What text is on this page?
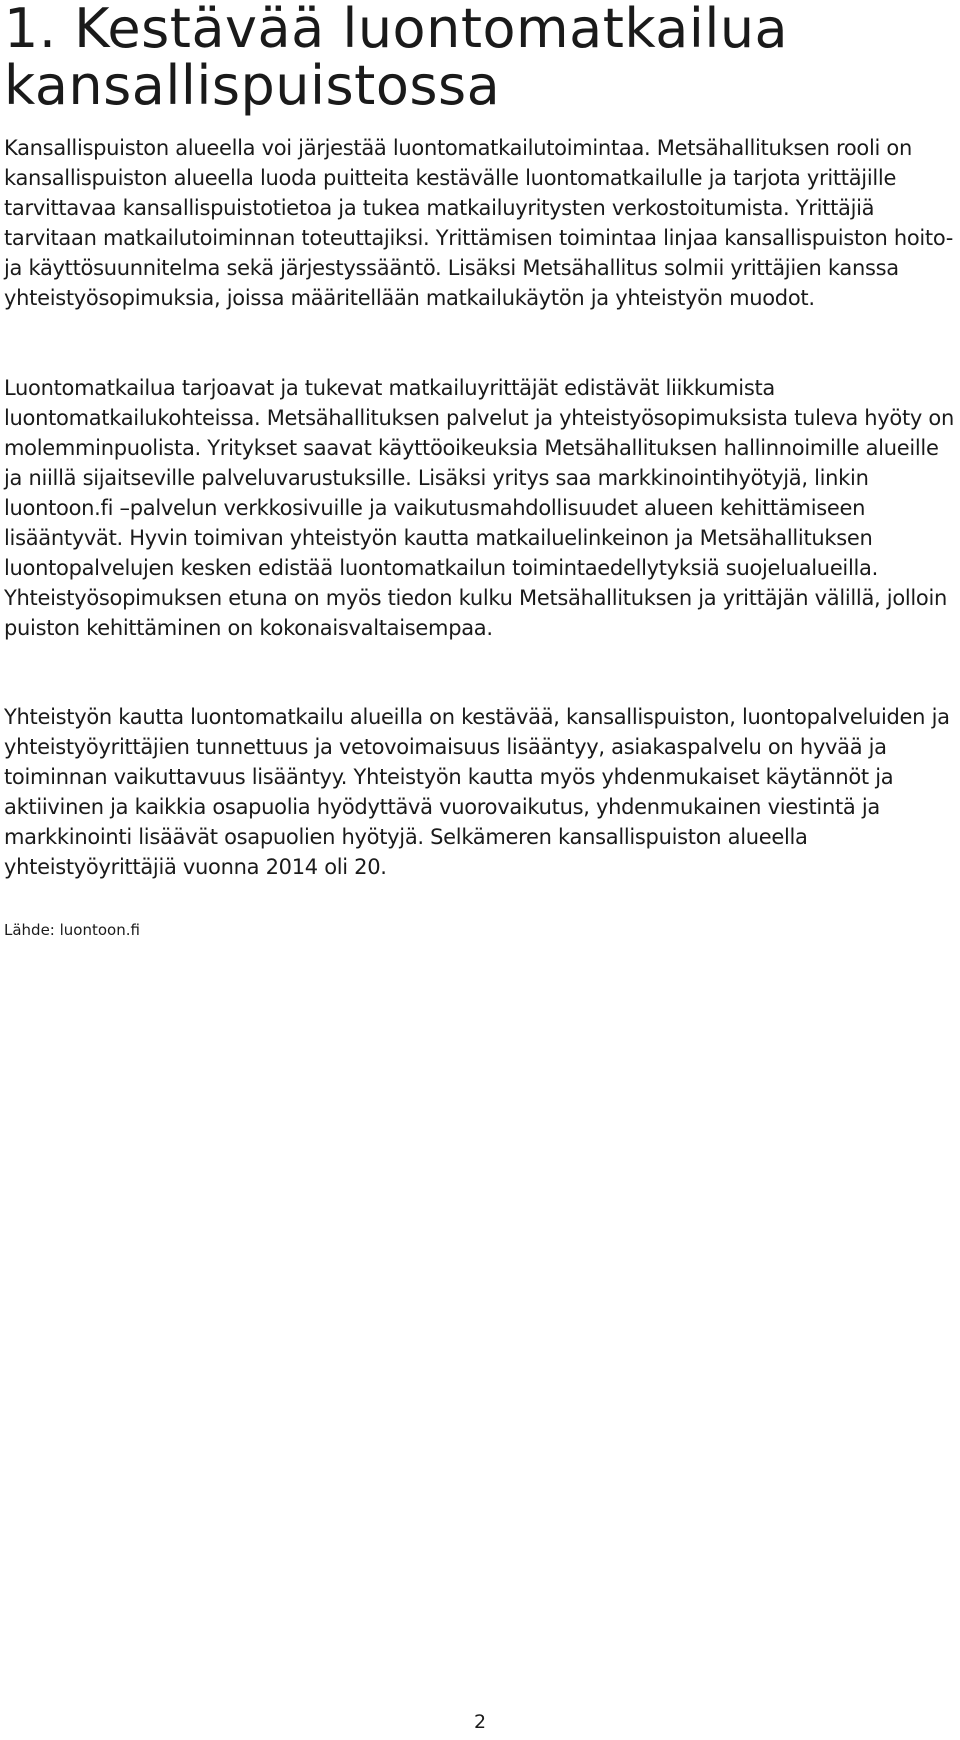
1. Kestävää luontomatkailua
kansallispuistossa

Kansallispuiston alueella voi järjestää luontomatkailutoimintaa. Metsähallituksen rooli on kansallispuiston alueella luoda puitteita kestävälle luontomatkailulle ja tarjota yrittäjille tarvittavaa kansallispuistotietoa ja tukea matkailuyritysten verkostoitumista. Yrittäjiä tarvitaan matkailutoiminnan toteuttajiksi. Yrittämisen toimintaa linjaa kansallispuiston hoito- ja käyttösuunnitelma sekä järjestyssääntö. Lisäksi Metsähallitus solmii yrittäjien kanssa yhteistyösopimuksia, joissa määritellään matkailukäytön ja yhteistyön muodot.

Luontomatkailua tarjoavat ja tukevat matkailuyrittäjät edistävät liikkumista luontomatkailukohteissa. Metsähallituksen palvelut ja yhteistyösopimuksista tuleva hyöty on molemminpuolista. Yritykset saavat käyttöoikeuksia Metsähallituksen hallinnoimille alueille ja niillä sijaitseville palveluvarustuksille. Lisäksi yritys saa markkinointihyötyjä, linkin luontoon.fi –palvelun verkkosivuille ja vaikutusmahdollisuudet alueen kehittämiseen lisääntyvät. Hyvin toimivan yhteistyön kautta matkailuelinkeinon ja Metsähallituksen luontopalvelujen kesken edistää luontomatkailun toimintaedellytyksiä suojelualueilla. Yhteistyösopimuksen etuna on myös tiedon kulku Metsähallituksen ja yrittäjän välillä, jolloin puiston kehittäminen on kokonaisvaltaisempaa.

Yhteistyön kautta luontomatkailu alueilla on kestävää, kansallispuiston, luontopalveluiden ja yhteistyöyrittäjien tunnettuus ja vetovoimaisuus lisääntyy, asiakaspalvelu on hyvää ja toiminnan vaikuttavuus lisääntyy. Yhteistyön kautta myös yhdenmukaiset käytännöt ja aktiivinen ja kaikkia osapuolia hyödyttävä vuorovaikutus, yhdenmukainen viestintä ja markkinointi lisäävät osapuolien hyötyjä. Selkämeren kansallispuiston alueella yhteistyöyrittäjiä vuonna 2014 oli 20.

Lähde: luontoon.fi

2
